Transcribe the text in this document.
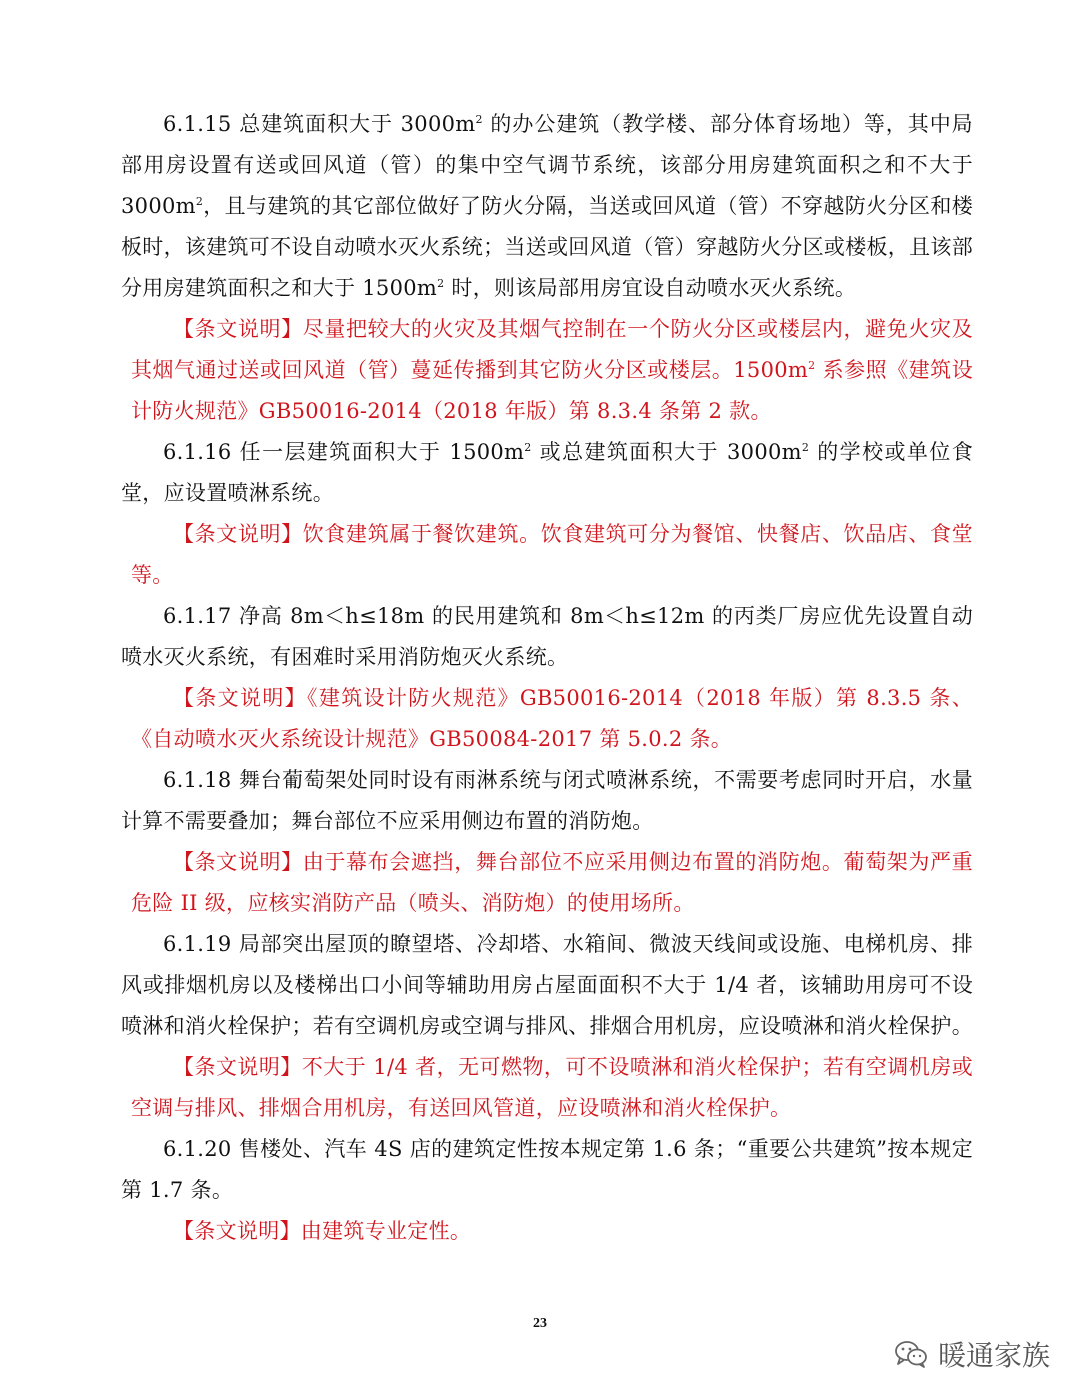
6.1.15 总建筑面积大于 $3000m^2$ 的办公建筑（教学楼、部分体育场地）等，其中局部用房设置有送或回风道（管）的集中空气调节系统，该部分用房建筑面积之和不大于 $3000m^2$，且与建筑的其它部位做好了防火分隔，当送或回风道（管）不穿越防火分区和楼板时，该建筑可不设自动喷水灭火系统；当送或回风道（管）穿越防火分区或楼板，且该部分用房建筑面积之和大于 $1500m^2$ 时，则该局部用房宜设自动喷水灭火系统。

【条文说明】尽量把较大的火灾及其烟气控制在一个防火分区或楼层内，避免火灾及其烟气通过送或回风道（管）蔓延传播到其它防火分区或楼层。$1500m^2$ 系参照《建筑设计防火规范》GB50016-2014（2018 年版）第 8.3.4 条第 2 款。

6.1.16 任一层建筑面积大于 $1500m^2$ 或总建筑面积大于 $3000m^2$ 的学校或单位食堂，应设置喷淋系统。

【条文说明】饮食建筑属于餐饮建筑。饮食建筑可分为餐馆、快餐店、饮品店、食堂等。

6.1.17 净高 8m＜h≤18m 的民用建筑和 8m＜h≤12m 的丙类厂房应优先设置自动喷水灭火系统，有困难时采用消防炮灭火系统。

【条文说明】《建筑设计防火规范》GB50016-2014（2018 年版）第 8.3.5 条、《自动喷水灭火系统设计规范》GB50084-2017 第 5.0.2 条。

6.1.18 舞台葡萄架处同时设有雨淋系统与闭式喷淋系统，不需要考虑同时开启，水量计算不需要叠加；舞台部位不应采用侧边布置的消防炮。

【条文说明】由于幕布会遮挡，舞台部位不应采用侧边布置的消防炮。葡萄架为严重危险 II 级，应核实消防产品（喷头、消防炮）的使用场所。

6.1.19 局部突出屋顶的瞭望塔、冷却塔、水箱间、微波天线间或设施、电梯机房、排风或排烟机房以及楼梯出口小间等辅助用房占屋面面积不大于 1/4 者，该辅助用房可不设喷淋和消火栓保护；若有空调机房或空调与排风、排烟合用机房，应设喷淋和消火栓保护。

【条文说明】不大于 1/4 者，无可燃物，可不设喷淋和消火栓保护；若有空调机房或空调与排风、排烟合用机房，有送回风管道，应设喷淋和消火栓保护。

6.1.20 售楼处、汽车 4S 店的建筑定性按本规定第 1.6 条；“重要公共建筑”按本规定第 1.7 条。

【条文说明】由建筑专业定性。

23
暖通家族
